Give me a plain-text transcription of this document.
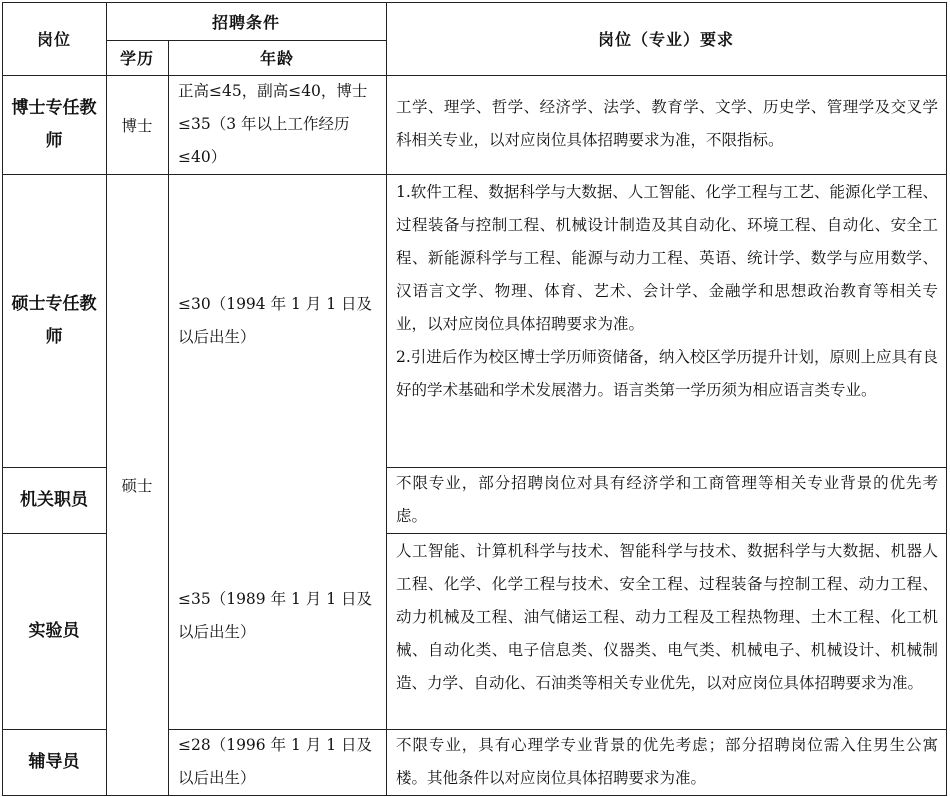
岗位
招聘条件
学历	年龄
岗位（专业）要求
博士专任教师
博士
正高≤45，副高≤40，博士≤35（3 年以上工作经历≤40）

工学、理学、哲学、经济学、法学、教育学、文学、历史学、管理学及交叉学科相关专业，以对应岗位具体招聘要求为准，不限指标。

硕士专任教师
≤30（1994 年 1 月 1 日及以后出生）

1.软件工程、数据科学与大数据、人工智能、化学工程与工艺、能源化学工程、过程装备与控制工程、机械设计制造及其自动化、环境工程、自动化、安全工程、新能源科学与工程、能源与动力工程、英语、统计学、数学与应用数学、汉语言文学、物理、体育、艺术、会计学、金融学和思想政治教育等相关专业，以对应岗位具体招聘要求为准。

2.引进后作为校区博士学历师资储备，纳入校区学历提升计划，原则上应具有良好的学术基础和学术发展潜力。语言类第一学历须为相应语言类专业。

硕士
机关职员

不限专业，部分招聘岗位对具有经济学和工商管理等相关专业背景的优先考虑。

≤35（1989 年 1 月 1 日及以后出生）
实验员

人工智能、计算机科学与技术、智能科学与技术、数据科学与大数据、机器人工程、化学、化学工程与技术、安全工程、过程装备与控制工程、动力工程、动力机械及工程、油气储运工程、动力工程及工程热物理、土木工程、化工机械、自动化类、电子信息类、仪器类、电气类、机械电子、机械设计、机械制造、力学、自动化、石油类等相关专业优先，以对应岗位具体招聘要求为准。

辅导员
≤28（1996 年 1 月 1 日及以后出生）

不限专业，具有心理学专业背景的优先考虑；部分招聘岗位需入住男生公寓楼。其他条件以对应岗位具体招聘要求为准。
